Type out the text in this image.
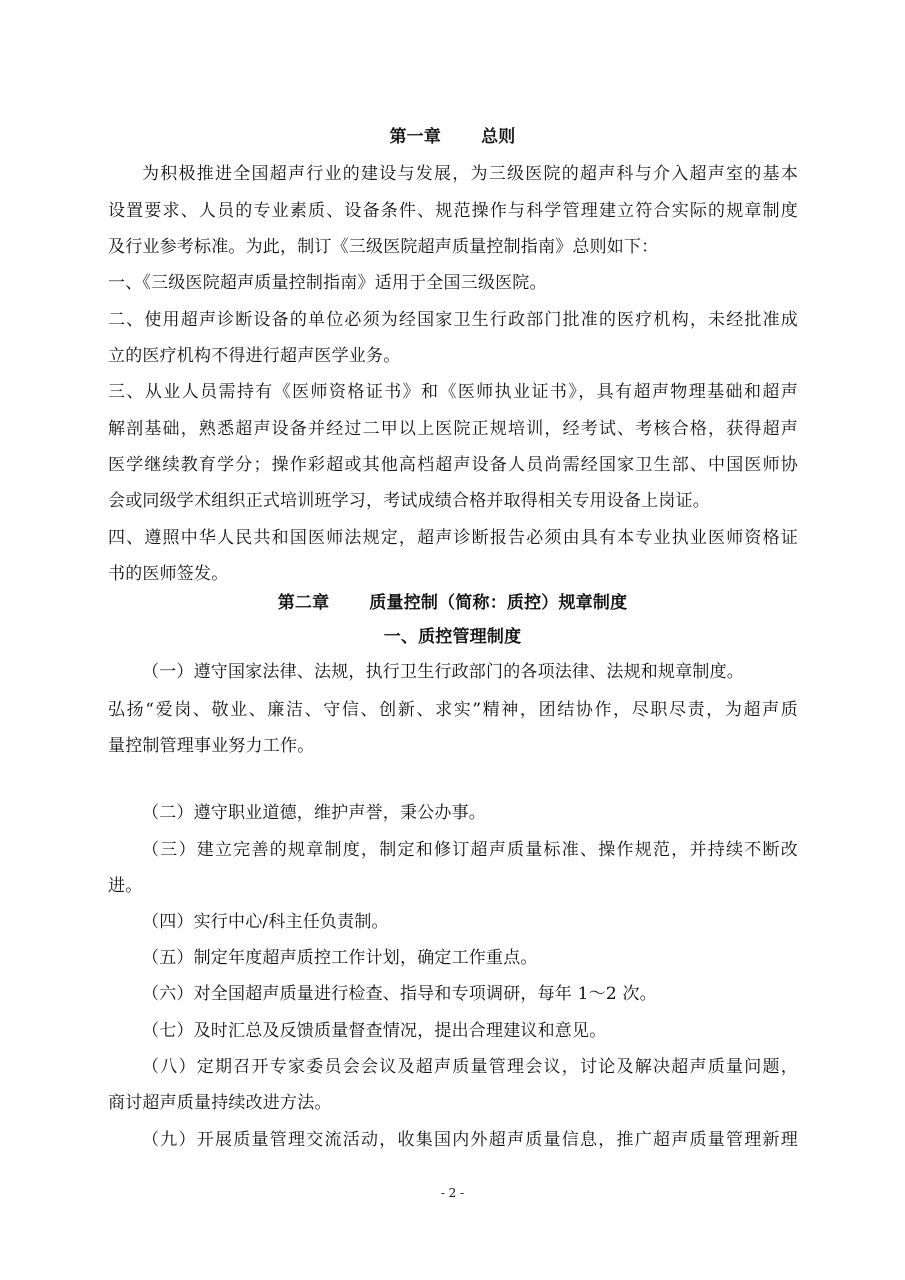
第一章 总则
为积极推进全国超声行业的建设与发展，为三级医院的超声科与介入超声室的基本
设置要求、人员的专业素质、设备条件、规范操作与科学管理建立符合实际的规章制度
及行业参考标准。为此，制订《三级医院超声质量控制指南》总则如下：
一、《三级医院超声质量控制指南》适用于全国三级医院。
二、使用超声诊断设备的单位必须为经国家卫生行政部门批准的医疗机构，未经批准成
立的医疗机构不得进行超声医学业务。
三、从业人员需持有《医师资格证书》和《医师执业证书》，具有超声物理基础和超声
解剖基础，熟悉超声设备并经过二甲以上医院正规培训，经考试、考核合格，获得超声
医学继续教育学分；操作彩超或其他高档超声设备人员尚需经国家卫生部、中国医师协
会或同级学术组织正式培训班学习，考试成绩合格并取得相关专用设备上岗证。
四、遵照中华人民共和国医师法规定，超声诊断报告必须由具有本专业执业医师资格证
书的医师签发。
第二章 质量控制（简称：质控）规章制度
一、质控管理制度
（一）遵守国家法律、法规，执行卫生行政部门的各项法律、法规和规章制度。
弘扬“爱岗、敬业、廉洁、守信、创新、求实”精神，团结协作，尽职尽责，为超声质
量控制管理事业努力工作。
（二）遵守职业道德，维护声誉，秉公办事。
（三）建立完善的规章制度，制定和修订超声质量标准、操作规范，并持续不断改
进。
（四）实行中心/科主任负责制。
（五）制定年度超声质控工作计划，确定工作重点。
（六）对全国超声质量进行检查、指导和专项调研，每年 1～2 次。
（七）及时汇总及反馈质量督查情况，提出合理建议和意见。
（八）定期召开专家委员会会议及超声质量管理会议，讨论及解决超声质量问题，
商讨超声质量持续改进方法。
（九）开展质量管理交流活动，收集国内外超声质量信息，推广超声质量管理新理
- 2 -
